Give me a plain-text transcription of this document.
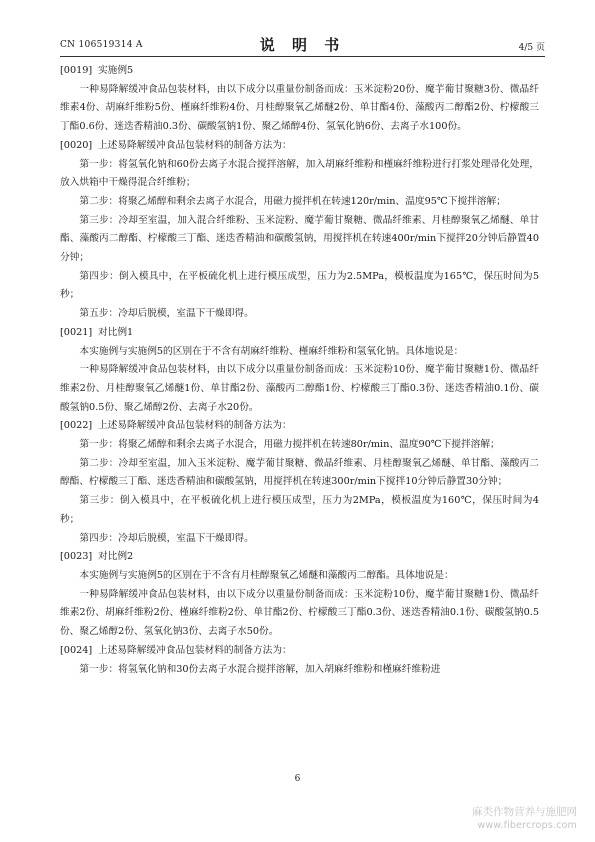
CN 106519314 A	说 明 书	4/5 页

[0019] 实施例5

一种易降解缓冲食品包装材料，由以下成分以重量份制备而成：玉米淀粉20份、魔芋葡甘聚糖3份、微晶纤维素4份、胡麻纤维粉5份、槿麻纤维粉4份、月桂醇聚氧乙烯醚2份、单甘酯4份、藻酸丙二醇酯2份、柠檬酸三丁酯0.6份、迷迭香精油0.3份、碳酸氢钠1份、聚乙烯醇4份、氢氧化钠6份、去离子水100份。

[0020] 上述易降解缓冲食品包装材料的制备方法为：

第一步：将氢氧化钠和60份去离子水混合搅拌溶解，加入胡麻纤维粉和槿麻纤维粉进行打浆处理帚化处理，放入烘箱中干燥得混合纤维粉；

第二步：将聚乙烯醇和剩余去离子水混合，用磁力搅拌机在转速120r/min、温度95℃下搅拌溶解；

第三步：冷却至室温，加入混合纤维粉、玉米淀粉、魔芋葡甘聚糖、微晶纤维素、月桂醇聚氧乙烯醚、单甘酯、藻酸丙二醇酯、柠檬酸三丁酯、迷迭香精油和碳酸氢钠，用搅拌机在转速400r/min下搅拌20分钟后静置40分钟；

第四步：倒入模具中，在平板硫化机上进行模压成型，压力为2.5MPa，模板温度为165℃，保压时间为5秒；

第五步：冷却后脱模，室温下干燥即得。

[0021] 对比例1

本实施例与实施例5的区别在于不含有胡麻纤维粉、槿麻纤维粉和氢氧化钠。具体地说是：

一种易降解缓冲食品包装材料，由以下成分以重量份制备而成：玉米淀粉10份、魔芋葡甘聚糖1份、微晶纤维素2份、月桂醇聚氧乙烯醚1份、单甘酯2份、藻酸丙二醇酯1份、柠檬酸三丁酯0.3份、迷迭香精油0.1份、碳酸氢钠0.5份、聚乙烯醇2份、去离子水20份。

[0022] 上述易降解缓冲食品包装材料的制备方法为：

第一步：将聚乙烯醇和剩余去离子水混合，用磁力搅拌机在转速80r/min、温度90℃下搅拌溶解；

第二步：冷却至室温，加入玉米淀粉、魔芋葡甘聚糖、微晶纤维素、月桂醇聚氧乙烯醚、单甘酯、藻酸丙二醇酯、柠檬酸三丁酯、迷迭香精油和碳酸氢钠，用搅拌机在转速300r/min下搅拌10分钟后静置30分钟；

第三步：倒入模具中，在平板硫化机上进行模压成型，压力为2MPa，模板温度为160℃，保压时间为4秒；

第四步：冷却后脱模，室温下干燥即得。

[0023] 对比例2

本实施例与实施例5的区别在于不含有月桂醇聚氧乙烯醚和藻酸丙二醇酯。具体地说是：

一种易降解缓冲食品包装材料，由以下成分以重量份制备而成：玉米淀粉10份、魔芋葡甘聚糖1份、微晶纤维素2份、胡麻纤维粉2份、槿麻纤维粉2份、单甘酯2份、柠檬酸三丁酯0.3份、迷迭香精油0.1份、碳酸氢钠0.5份、聚乙烯醇2份、氢氧化钠3份、去离子水50份。

[0024] 上述易降解缓冲食品包装材料的制备方法为：

第一步：将氢氧化钠和30份去离子水混合搅拌溶解，加入胡麻纤维粉和槿麻纤维粉进

6
麻类作物营养与施肥网
www.fibercrops.com
